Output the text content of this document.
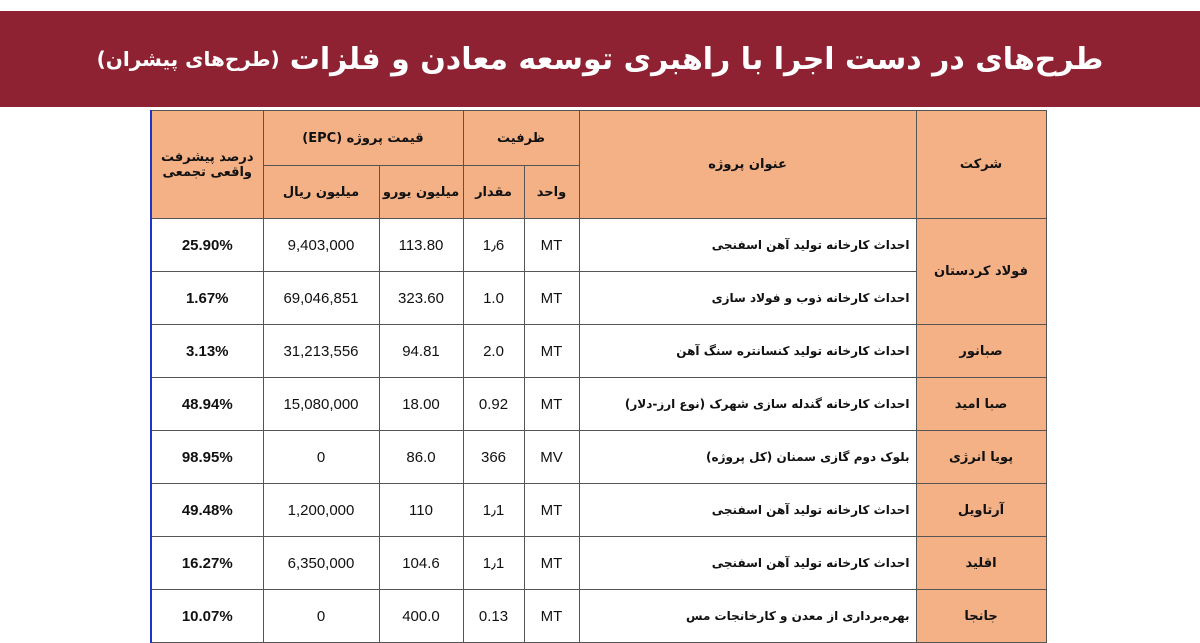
طرح‌های در دست اجرا با راهبری توسعه معادن و فلزات
(طرح‌های پیشران)
شرکت	عنوان پروژه	ظرفیت		قیمت پروژه (EPC)		درصد پیشرفت واقعی تجمعی
		واحد	مقدار	میلیون یورو	میلیون ریال	
فولاد کردستان	احداث کارخانه تولید آهن اسفنجی	MT	1٫6	113.80	9,403,000	25.90%
	احداث کارخانه ذوب و فولاد سازی	MT	1.0	323.60	69,046,851	1.67%
صبانور	احداث کارخانه تولید کنسانتره سنگ آهن	MT	2.0	94.81	31,213,556	3.13%
صبا امید	احداث کارخانه گندله سازی شهرک (نوع ارز-دلار)	MT	0.92	18.00	15,080,000	48.94%
پویا انرژی	بلوک دوم گازی سمنان (کل پروژه)	MV	366	86.0	0	98.95%
آرتاویل	احداث کارخانه تولید آهن اسفنجی	MT	1٫1	110	1,200,000	49.48%
اقلید	احداث کارخانه تولید آهن اسفنجی	MT	1٫1	104.6	6,350,000	16.27%
جانجا	بهره‌برداری از معدن و کارخانجات مس	MT	0.13	400.0	0	10.07%
